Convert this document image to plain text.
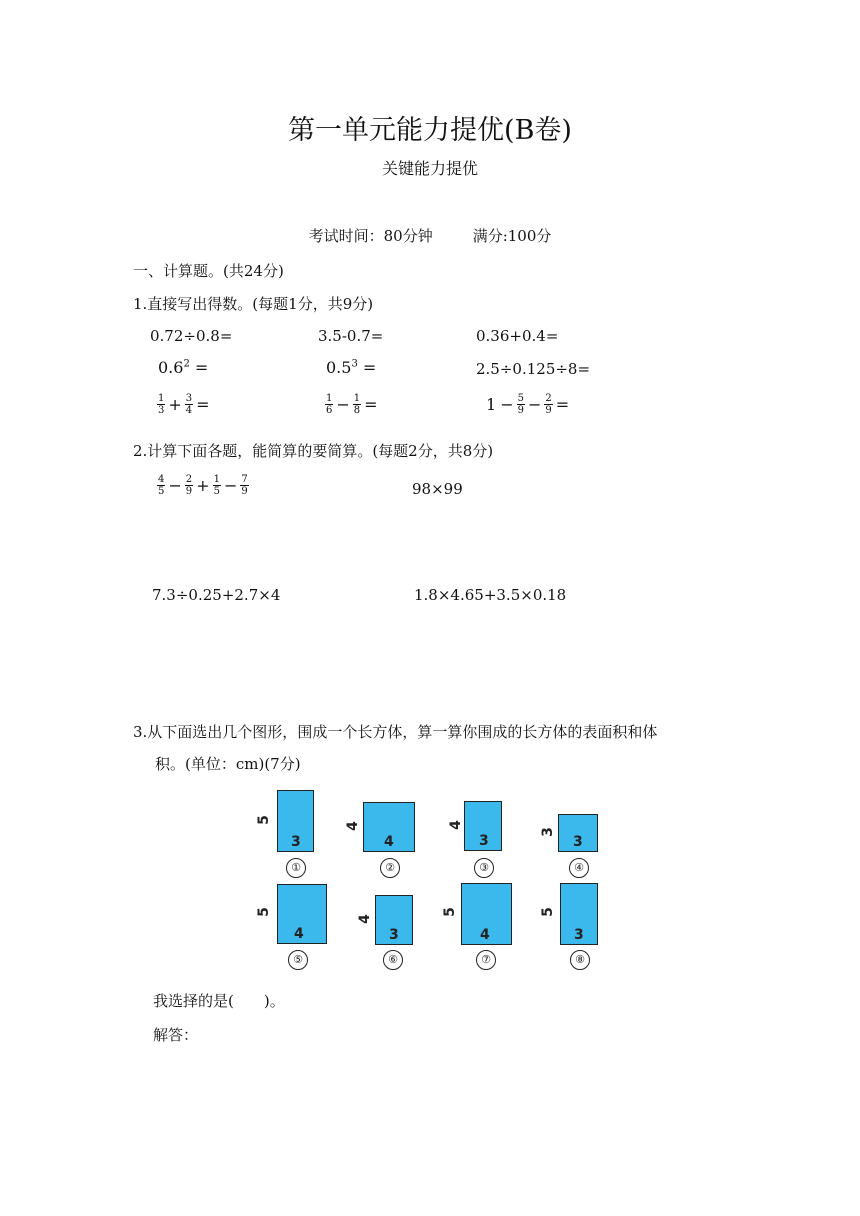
第一单元能力提优(B卷)
关键能力提优
考试时间：80分钟	满分:100分
一、计算题。(共24分)
1.直接写出得数。(每题1分，共9分)
0.72÷0.8=	3.5-0.7=	0.36+0.4=
$0.6^2$ =	$0.5^3$ =	2.5÷0.125÷8=
$\frac{1}{3} + \frac{3}{4}$ =	$\frac{1}{6} - \frac{1}{8}$ =	$1 - \frac{5}{9} - \frac{2}{9}$ =
2.计算下面各题，能简算的要简算。(每题2分，共8分)
$\frac{4}{5} - \frac{2}{9} + \frac{1}{5} - \frac{7}{9}$	98×99
7.3÷0.25+2.7×4	1.8×4.65+3.5×0.18
3.从下面选出几个图形，围成一个长方体，算一算你围成的长方体的表面积和体
积。(单位：cm)(7分)
5
3
①
4
4
②
4
3
③
3
3
④
5
4
⑤
4
3
⑥
5
4
⑦
5
3
⑧
我选择的是(　　)。
解答：
